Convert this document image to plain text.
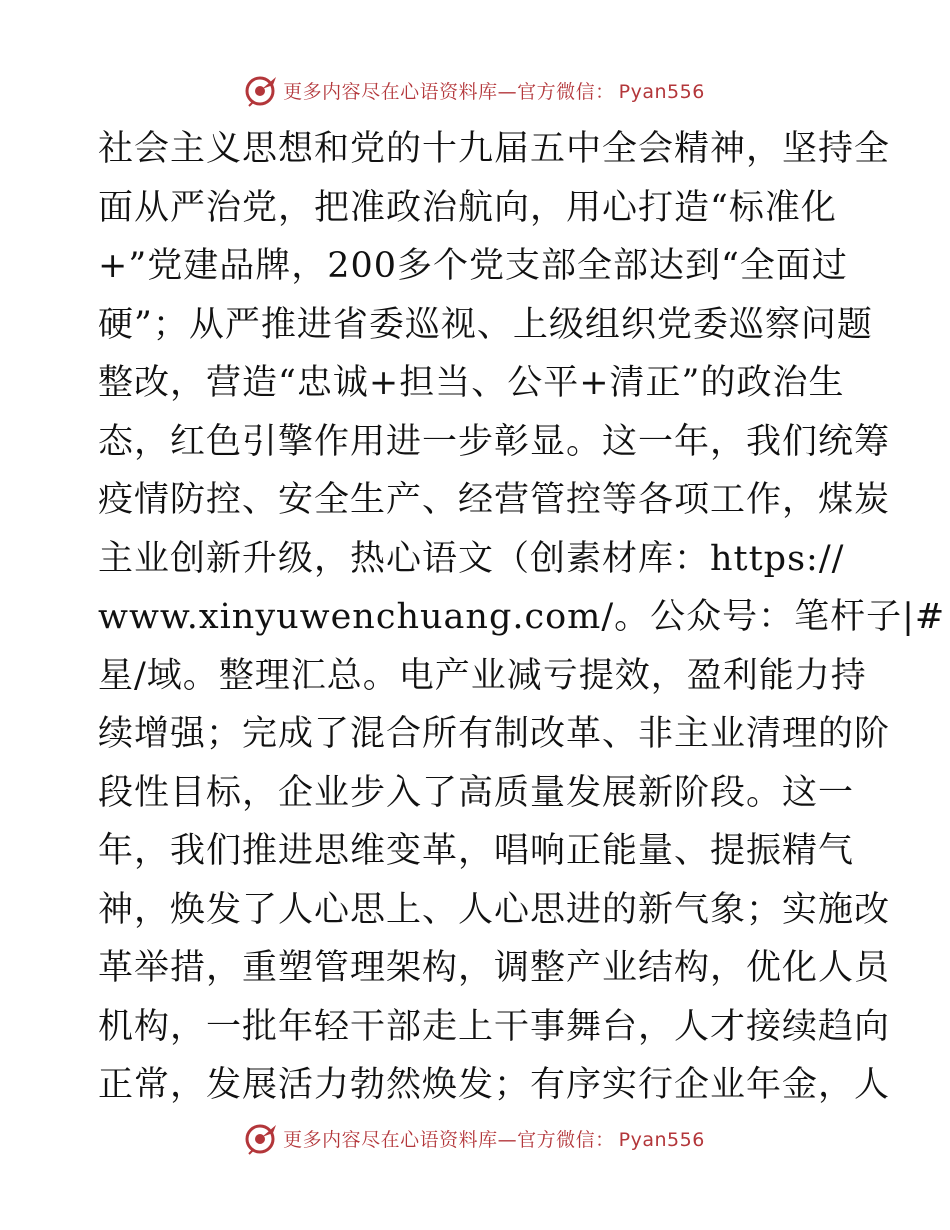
更多内容尽在心语资料库—官方微信： Pyan556
社会主义思想和党的十九届五中全会精神，坚持全
面从严治党，把准政治航向，用心打造“标准化
+”党建品牌，200多个党支部全部达到“全面过
硬”；从严推进省委巡视、上级组织党委巡察问题
整改，营造“忠诚+担当、公平+清正”的政治生
态，红色引擎作用进一步彰显。这一年，我们统筹
疫情防控、安全生产、经营管控等各项工作，煤炭
主业创新升级，热心语文（创素材库：https://
www.xinyuwenchuang.com/。公众号：笔杆子|#
星/域。整理汇总。电产业减亏提效，盈利能力持
续增强；完成了混合所有制改革、非主业清理的阶
段性目标，企业步入了高质量发展新阶段。这一
年，我们推进思维变革，唱响正能量、提振精气
神，焕发了人心思上、人心思进的新气象；实施改
革举措，重塑管理架构，调整产业结构，优化人员
机构，一批年轻干部走上干事舞台，人才接续趋向
正常，发展活力勃然焕发；有序实行企业年金，人
更多内容尽在心语资料库—官方微信： Pyan556
